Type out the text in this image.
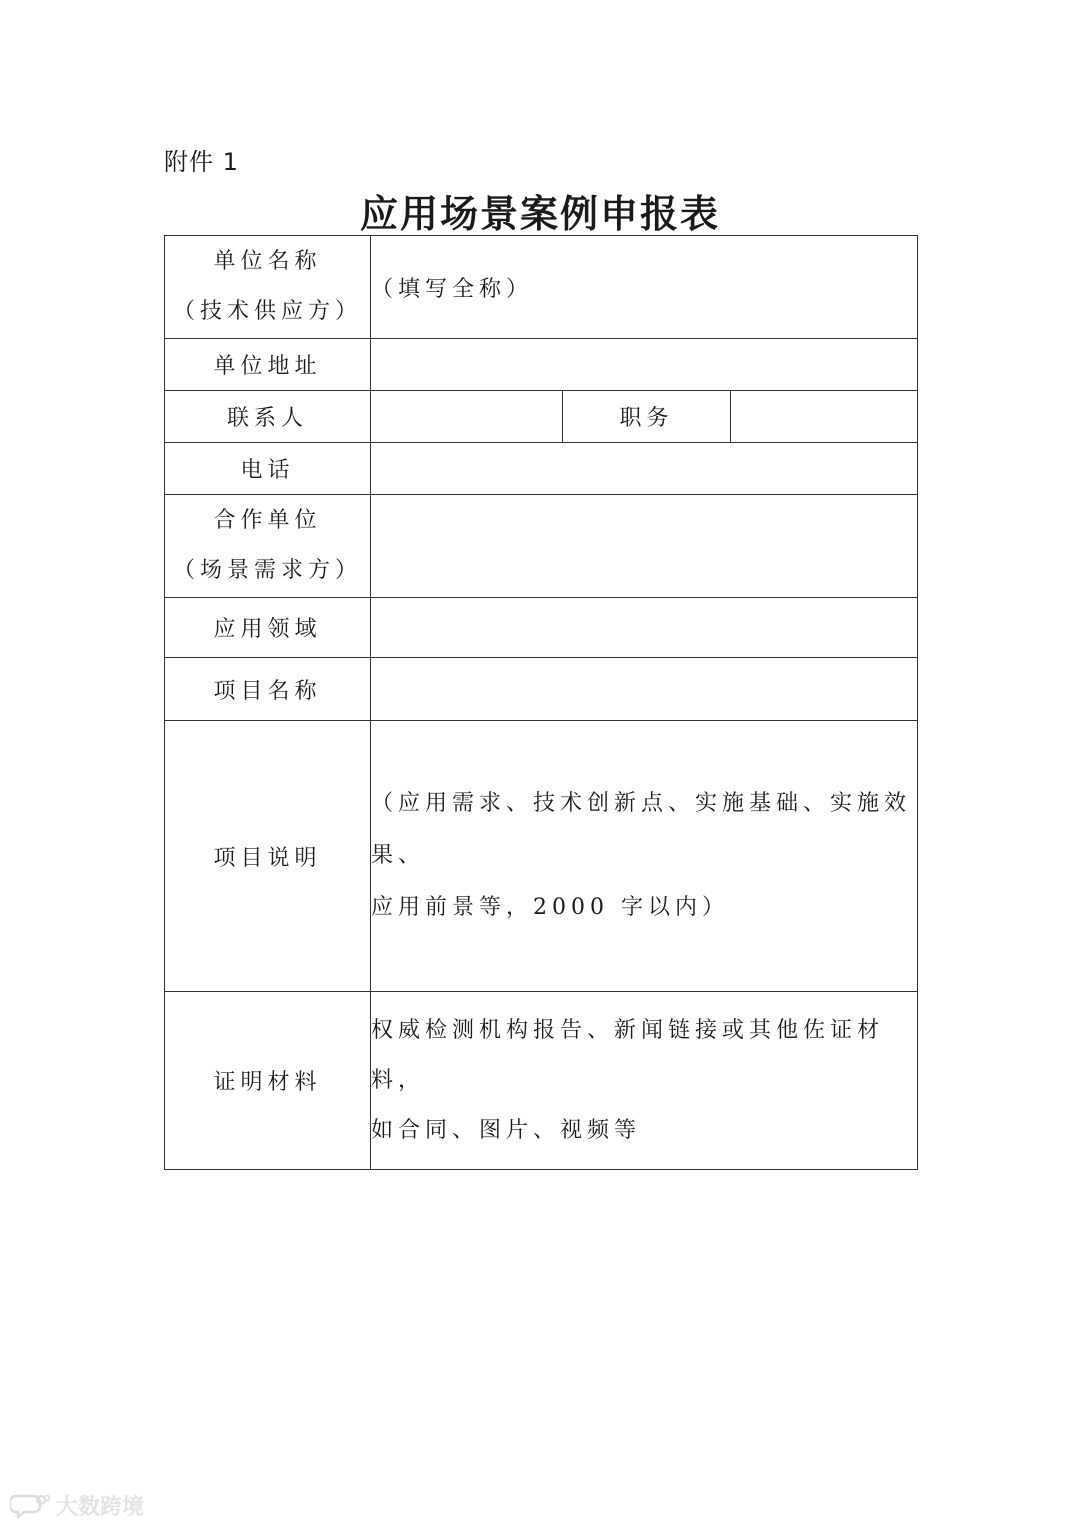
附件 1
应用场景案例申报表
单位名称
（技术供应方）	（填写全称）		
单位地址			
联系人		职务	
电话			

合作单位
（场景需求方）			

应用领域			
项目名称			
项目说明	（应用需求、技术创新点、实施基础、实施效果、
应用前景等，2000 字以内）		

证明材料	权威检测机构报告、新闻链接或其他佐证材料，
如合同、图片、视频等		
大数跨境
